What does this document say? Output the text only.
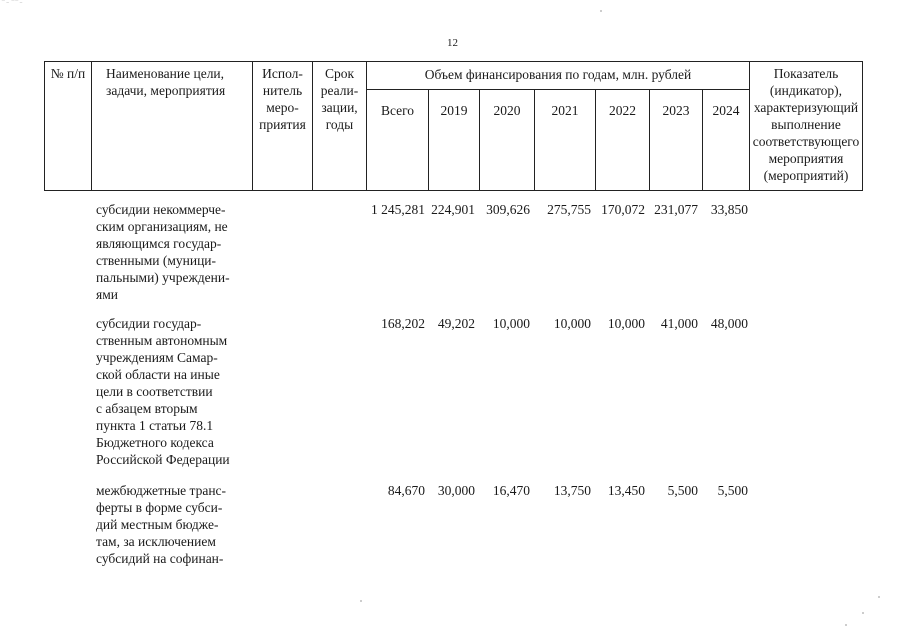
‾ ̄ ‾‾ ̄
12
№ п/п	Наименование цели, задачи, мероприятия	Испол- нитель меро- приятия	Срок реали- зации, годы	Объем финансирования по годам, млн. рублей							Показатель (индикатор), характеризующий выполнение соответствующего мероприятия (мероприятий)
				Всего	2019	2020	2021	2022	2023	2024	
субсидии некоммерче-
ским организациям, не
являющимся государ-
ственными (муници-
пальными) учреждени-
ями
1 245,281 224,901 309,626 275,755 170,072 231,077 33,850
субсидии государ-
ственным автономным
учреждениям Самар-
ской области на иные
цели в соответствии
с абзацем вторым
пункта 1 статьи 78.1
Бюджетного кодекса
Российской Федерации
168,202 49,202 10,000 10,000 10,000 41,000 48,000
межбюджетные транс-
ферты в форме субси-
дий местным бюдже-
там, за исключением
субсидий на софинан-
84,670 30,000 16,470 13,750 13,450 5,500 5,500
